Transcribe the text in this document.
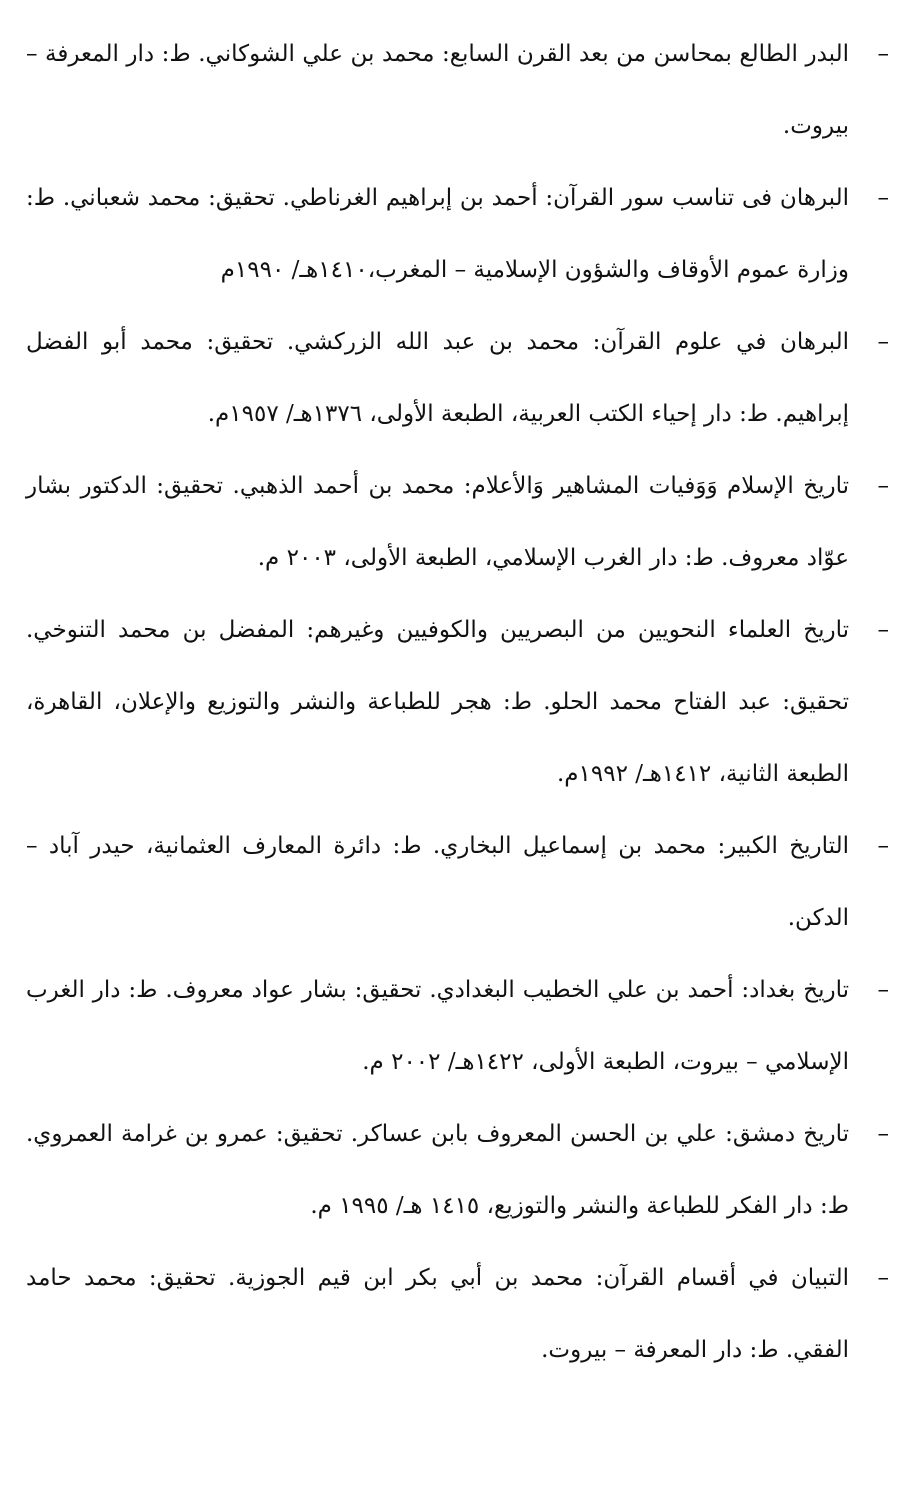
–
البدر الطالع بمحاسن من بعد القرن السابع: محمد بن علي الشوكاني. ط: دار المعرفة – بيروت.
–
البرهان فى تناسب سور القرآن: أحمد بن إبراهيم الغرناطي. تحقيق: محمد شعباني. ط: وزارة عموم الأوقاف والشؤون الإسلامية – المغرب،١٤١٠هـ/ ١٩٩٠م
–
البرهان في علوم القرآن: محمد بن عبد الله الزركشي. تحقيق: محمد أبو الفضل إبراهيم. ط: دار إحياء الكتب العربية، الطبعة الأولى، ١٣٧٦هـ/ ١٩٥٧م.
–
تاريخ الإسلام وَوَفيات المشاهير وَالأعلام: محمد بن أحمد الذهبي. تحقيق: الدكتور بشار عوّاد معروف. ط: دار الغرب الإسلامي، الطبعة الأولى، ٢٠٠٣ م.
–
تاريخ العلماء النحويين من البصريين والكوفيين وغيرهم: المفضل بن محمد التنوخي. تحقيق: عبد الفتاح محمد الحلو. ط: هجر للطباعة والنشر والتوزيع والإعلان، القاهرة، الطبعة الثانية، ١٤١٢هـ/ ١٩٩٢م.
–
التاريخ الكبير: محمد بن إسماعيل البخاري. ط: دائرة المعارف العثمانية، حيدر آباد – الدكن.
–
تاريخ بغداد: أحمد بن علي الخطيب البغدادي. تحقيق: بشار عواد معروف. ط: دار الغرب الإسلامي – بيروت، الطبعة الأولى، ١٤٢٢هـ/ ٢٠٠٢ م.
–
تاريخ دمشق: علي بن الحسن المعروف بابن عساكر. تحقيق: عمرو بن غرامة العمروي. ط: دار الفكر للطباعة والنشر والتوزيع، ١٤١٥ هـ/ ١٩٩٥ م.
–
التبيان في أقسام القرآن: محمد بن أبي بكر ابن قيم الجوزية. تحقيق: محمد حامد الفقي. ط: دار المعرفة – بيروت.
